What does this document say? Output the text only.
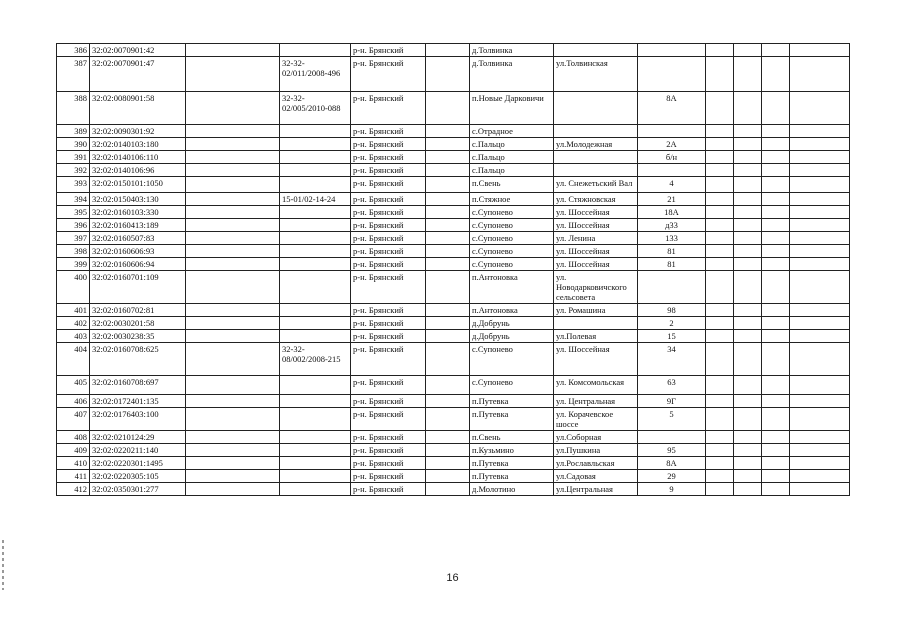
386	32:02:0070901:42			р-н. Брянский		д.Толвинка						
387	32:02:0070901:47		32-32-02/011/2008-496	р-н. Брянский		д.Толвинка	ул.Толвинская					
388	32:02:0080901:58		32-32-02/005/2010-088	р-н. Брянский		п.Новые Дарковичи		8А				
389	32:02:0090301:92			р-н. Брянский		с.Отрадное						
390	32:02:0140103:180			р-н. Брянский		с.Пальцо	ул.Молодежная	2А				
391	32:02:0140106:110			р-н. Брянский		с.Пальцо		б/н				
392	32:02:0140106:96			р-н. Брянский		с.Пальцо						
393	32:02:0150101:1050			р-н. Брянский		п.Свень	ул. Снежетьский Вал	4				
394	32:02:0150403:130		15-01/02-14-24	р-н. Брянский		п.Стяжное	ул. Стяжновская	21				
395	32:02:0160103:330			р-н. Брянский		с.Супонево	ул. Шоссейная	18А				
396	32:02:0160413:189			р-н. Брянский		с.Супонево	ул. Шоссейная	д33				
397	32:02:0160507:83			р-н. Брянский		с.Супонево	ул. Ленина	133				
398	32:02:0160606:93			р-н. Брянский		с.Супонево	ул. Шоссейная	81				
399	32:02:0160606:94			р-н. Брянский		с.Супонево	ул. Шоссейная	81				
400	32:02:0160701:109			р-н. Брянский		п.Антоновка	ул. Новодарковичского сельсовета					
401	32:02:0160702:81			р-н. Брянский		п.Антоновка	ул. Ромашина	98				
402	32:02:0030201:58			р-н. Брянский		д.Добрунь		2				
403	32:02:0030238:35			р-н. Брянский		д.Добрунь	ул.Полевая	15				
404	32:02:0160708:625		32-32-08/002/2008-215	р-н. Брянский		с.Супонево	ул. Шоссейная	34				
405	32:02:0160708:697			р-н. Брянский		с.Супонево	ул. Комсомольская	63				
406	32:02:0172401:135			р-н. Брянский		п.Путевка	ул. Центральная	9Г				
407	32:02:0176403:100			р-н. Брянский		п.Путевка	ул. Корачевское шоссе	5				
408	32:02:0210124:29			р-н. Брянский		п.Свень	ул.Соборная					
409	32:02:0220211:140			р-н. Брянский		п.Кузьмино	ул.Пушкина	95				
410	32:02:0220301:1495			р-н. Брянский		п.Путевка	ул.Рославльская	8А				
411	32:02:0220305:105			р-н. Брянский		п.Путевка	ул.Садовая	29				
412	32:02:0350301:277			р-н. Брянский		д.Молотино	ул.Центральная	9				
16
